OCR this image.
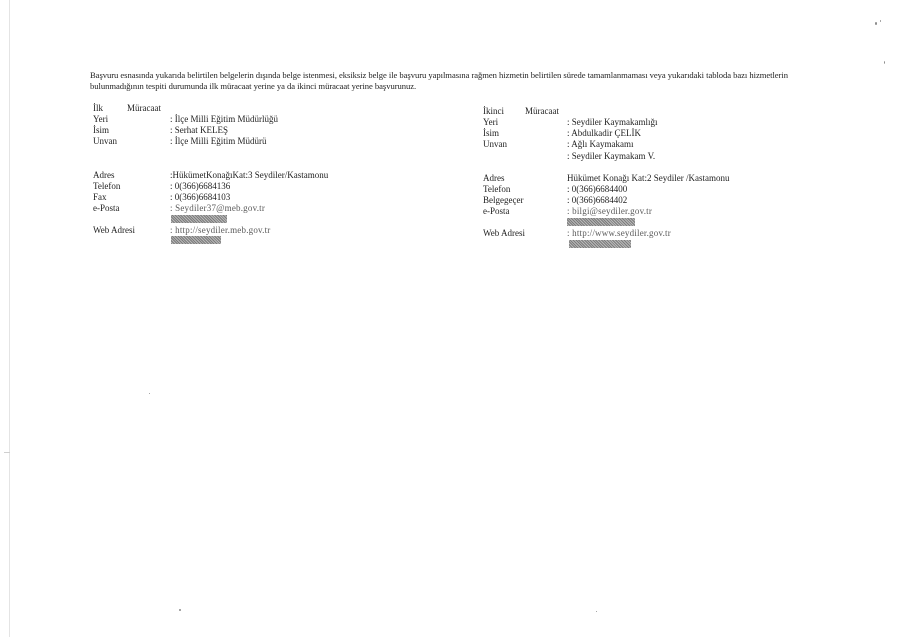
Başvuru esnasında yukarıda belirtilen belgelerin dışında belge istenmesi, eksiksiz belge ile başvuru yapılmasına rağmen hizmetin belirtilen sürede tamamlanmaması veya yukarıdaki tabloda bazı hizmetlerin bulunmadığının tespiti durumunda ilk müracaat yerine ya da ikinci müracaat yerine başvurunuz.
İlk	Müracaat
Yeri	: İlçe Milli Eğitim Müdürlüğü
İsim	: Serhat KELEŞ
Unvan	: İlçe Milli Eğitim Müdürü
Adres	:HükümetKonağıKat:3 Seydiler/Kastamonu
Telefon	: 0(366)6684136
Fax	: 0(366)6684103
e-Posta	: Seydiler37@meb.gov.tr
Web Adresi	: http://seydiler.meb.gov.tr
İkinci Müracaat
Yeri	: Seydiler Kaymakamlığı
İsim	: Abdulkadir ÇELİK
Unvan	: Ağlı Kaymakamı
: Seydiler Kaymakam V.
Adres	Hükümet Konağı Kat:2 Seydiler /Kastamonu
Telefon	: 0(366)6684400
Belgegeçer	: 0(366)6684402
e-Posta	: bilgi@seydiler.gov.tr
Web Adresi	: http://www.seydiler.gov.tr
